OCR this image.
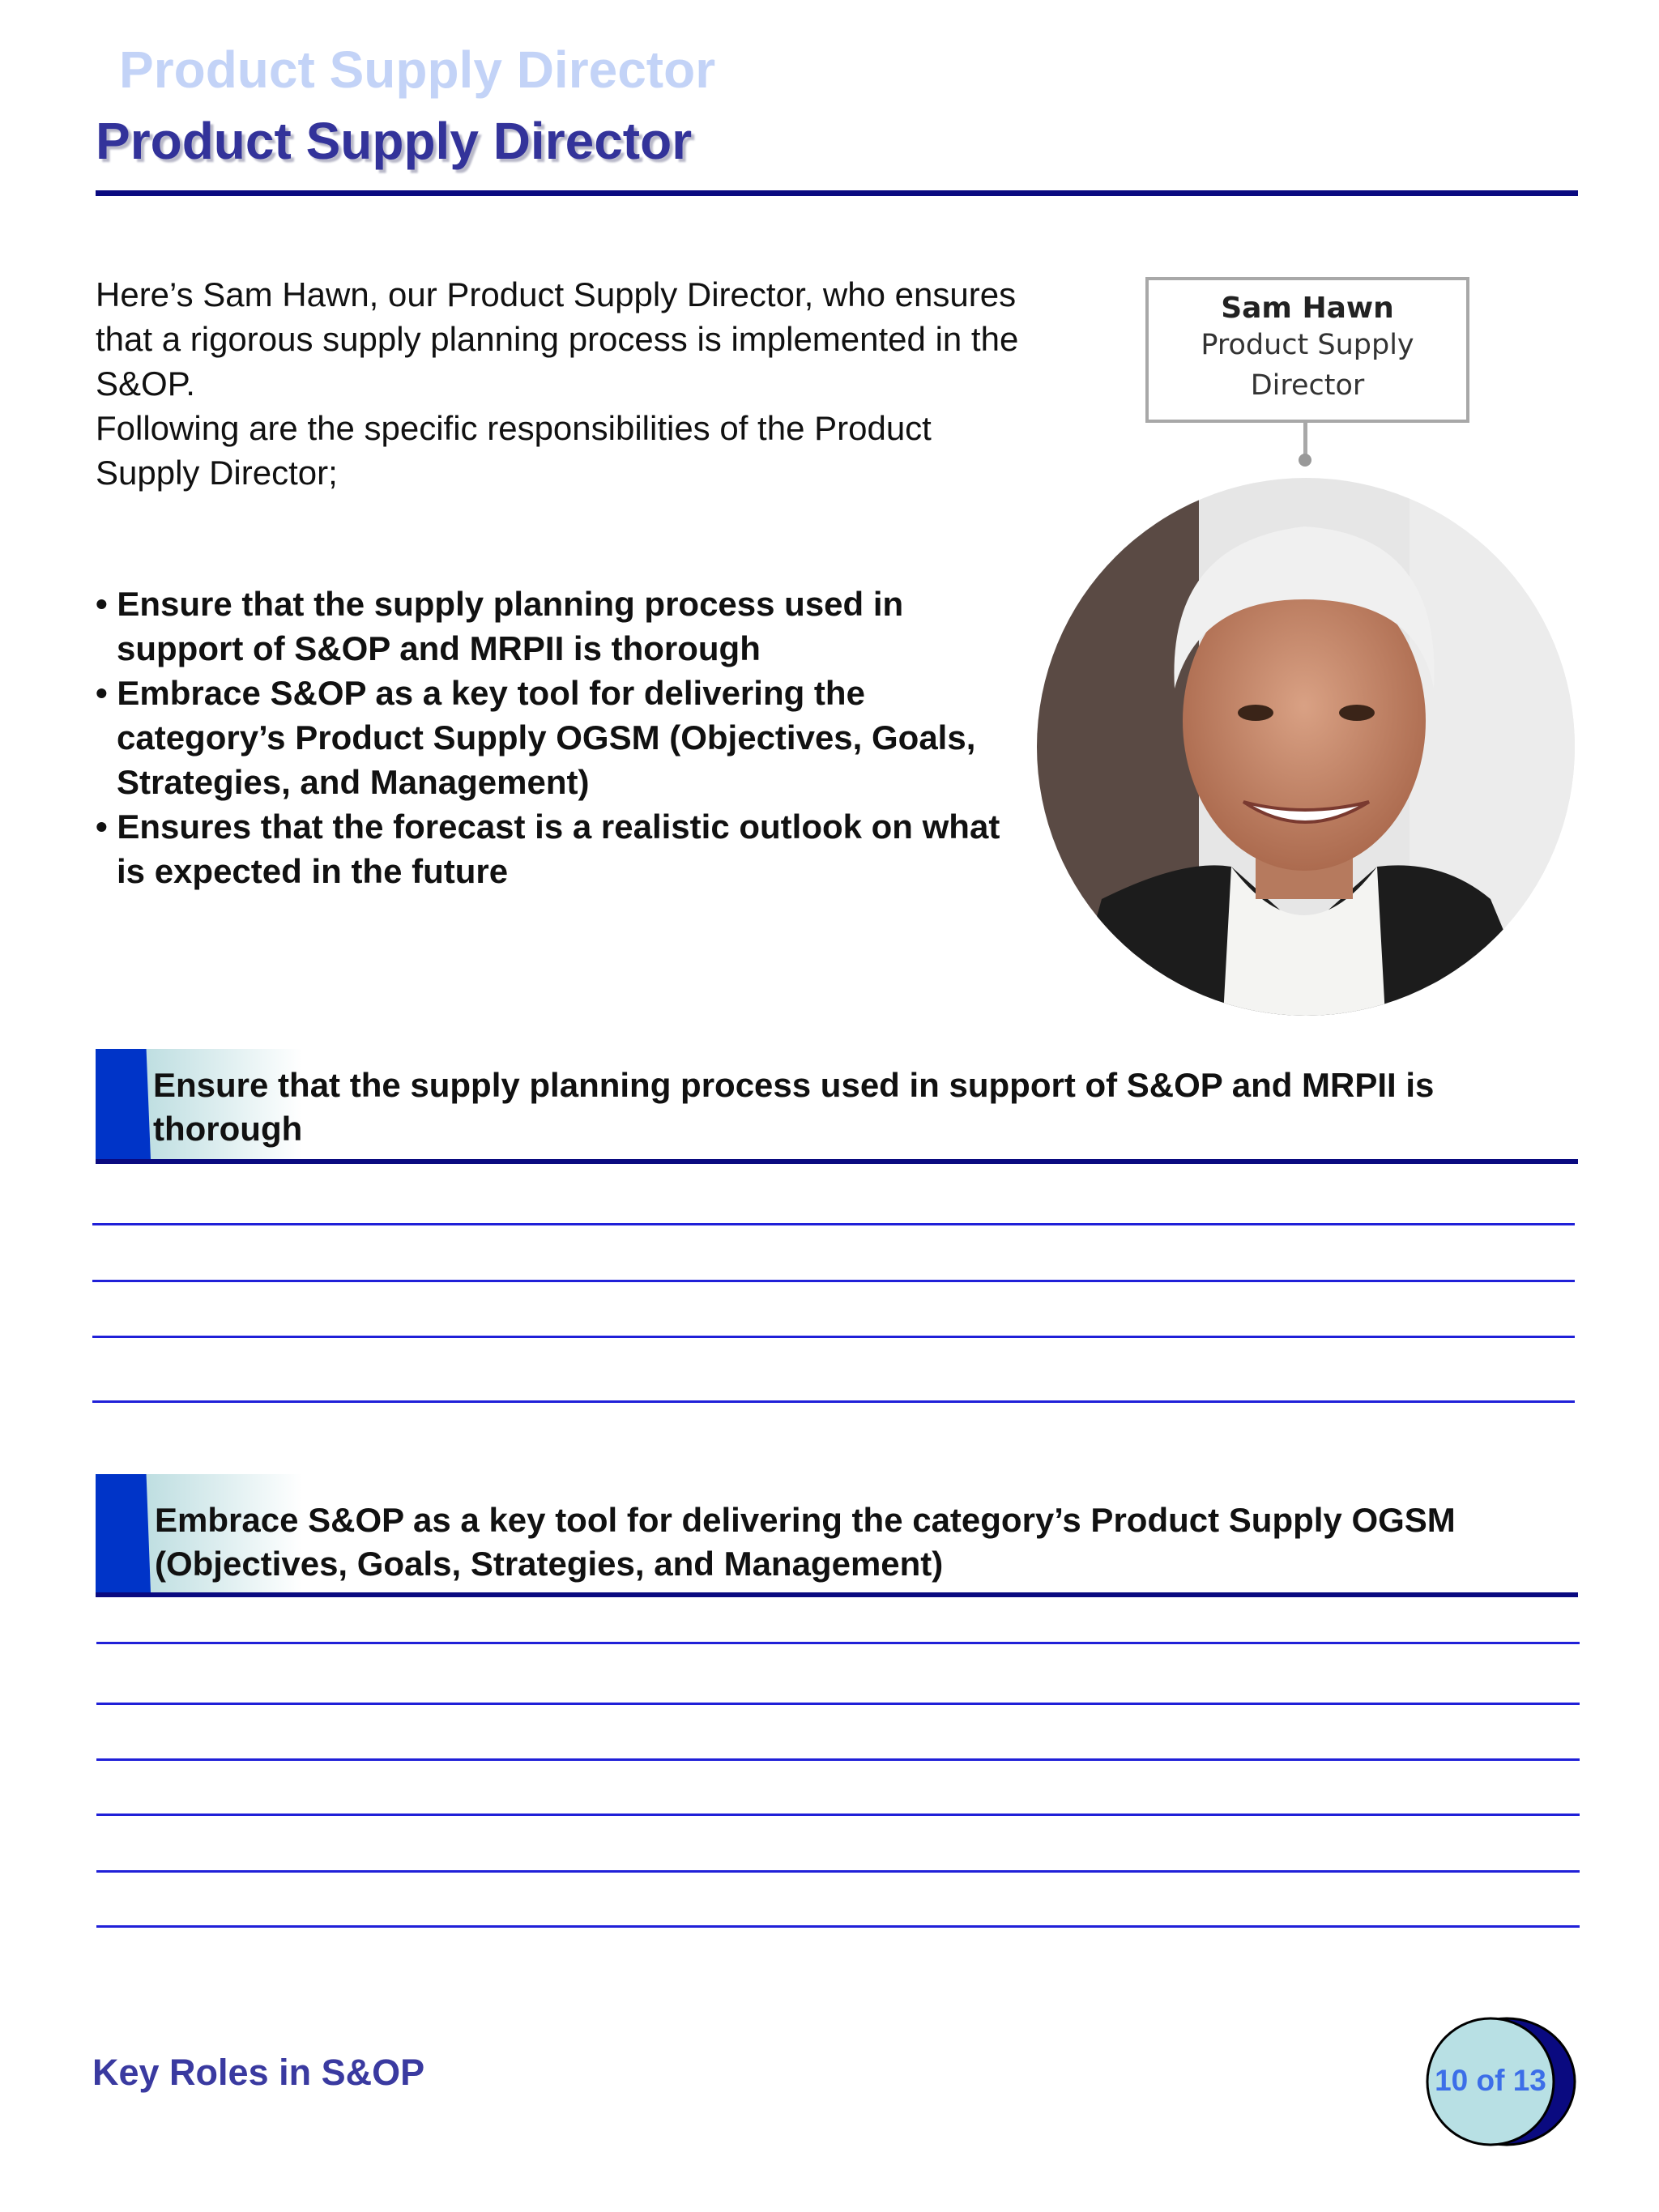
Product Supply Director
Product Supply Director
Here’s Sam Hawn, our Product Supply Director, who ensures that a rigorous supply planning process is implemented in the S&OP.
Following are the specific responsibilities of the Product Supply Director;
• Ensure that the supply planning process used in support of S&OP and MRPII is thorough
• Embrace S&OP as a key tool for delivering the category’s Product Supply OGSM (Objectives, Goals, Strategies, and Management)
• Ensures that the forecast is a realistic outlook on what is expected in the future
Sam Hawn
Product Supply
Director
Ensure that the supply planning process used in support of S&OP and MRPII is thorough
Embrace S&OP as a key tool for delivering the category’s Product Supply OGSM (Objectives, Goals, Strategies, and Management)
Key Roles in S&OP	10 of 13
